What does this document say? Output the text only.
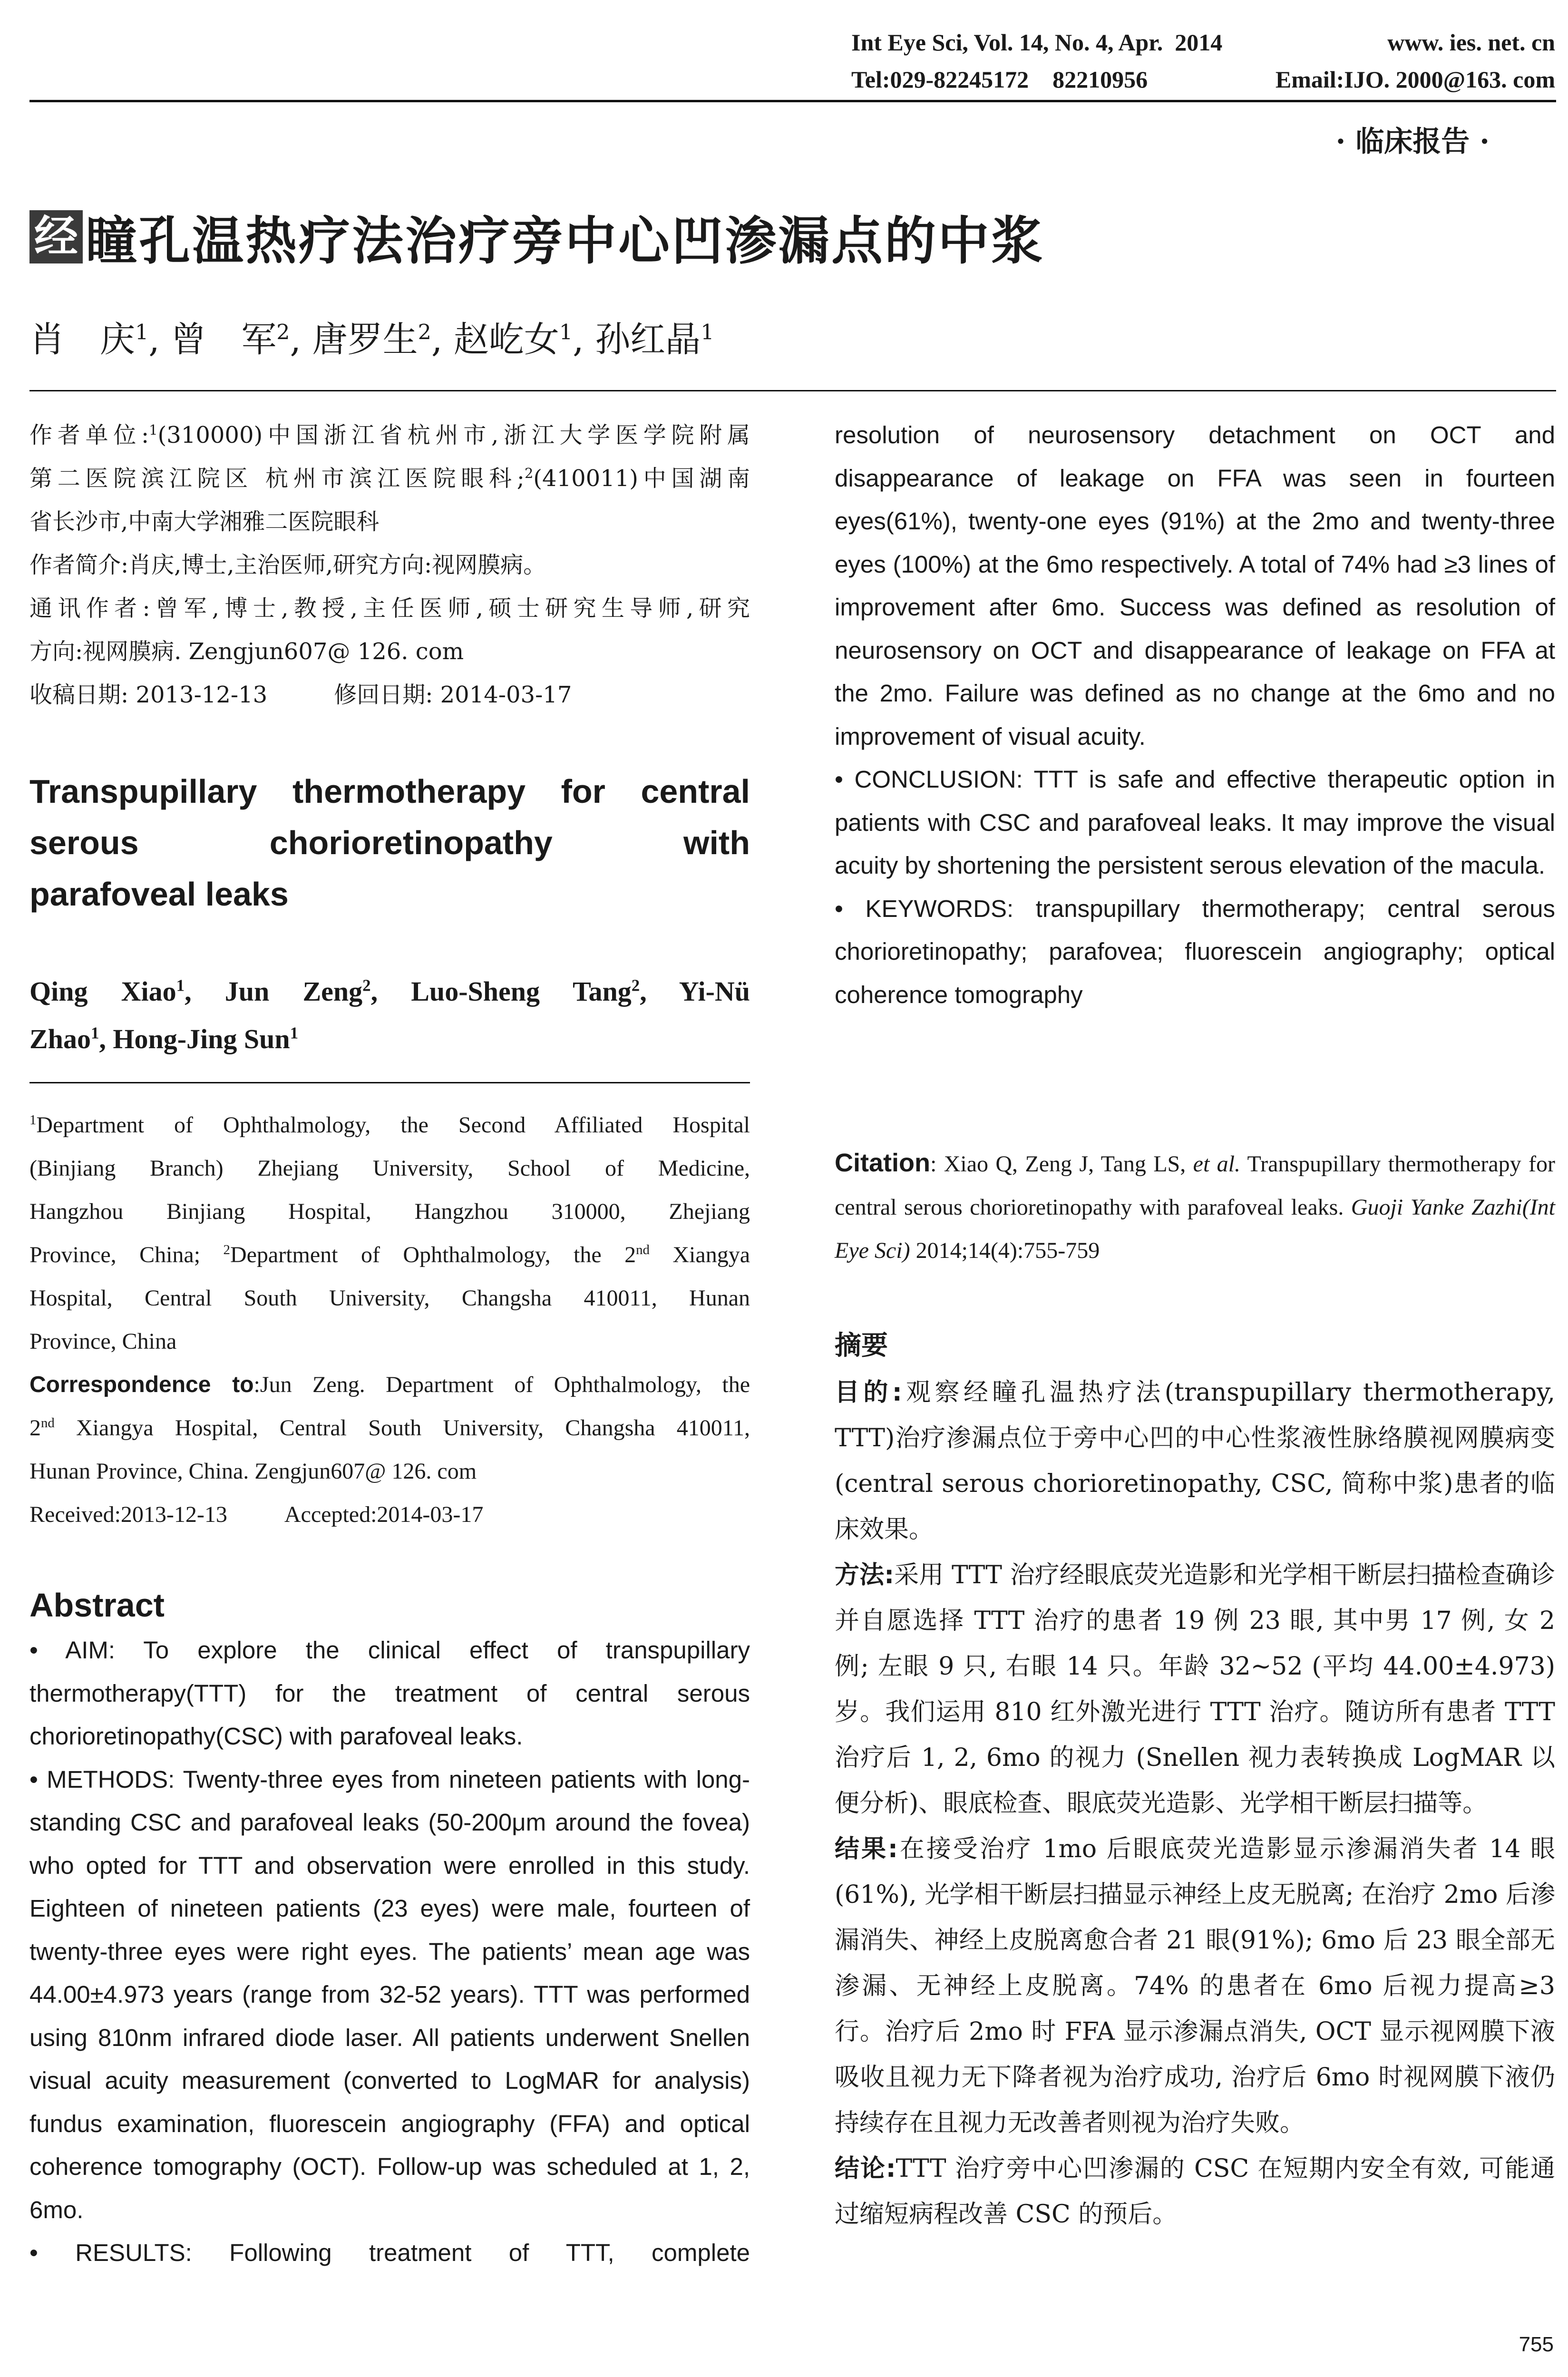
Int Eye Sci, Vol. 14, No. 4, Apr.  2014	www. ies. net. cn
Tel:029-82245172    82210956	Email:IJO. 2000@163. com
· 临床报告 ·
经 瞳孔温热疗法治疗旁中心凹渗漏点的中浆
肖　庆$^1$, 曾　军$^2$, 唐罗生$^2$, 赵屹女$^1$, 孙红晶$^1$
作者单位:$^1$(310000)中国浙江省杭州市,浙江大学医学院附属
第二医院滨江院区 杭州市滨江医院眼科;$^2$(410011)中国湖南
省长沙市,中南大学湘雅二医院眼科
作者简介:肖庆,博士,主治医师,研究方向:视网膜病。
通讯作者:曾军,博士,教授,主任医师,硕士研究生导师,研究
方向:视网膜病. Zengjun607@ 126. com
收稿日期: 2013-12-13	修回日期: 2014-03-17
Transpupillary thermotherapy for central
serous chorioretinopathy with
parafoveal leaks
Qing Xiao$^1$, Jun Zeng$^2$, Luo-Sheng Tang$^2$, Yi-Nü
Zhao$^1$, Hong-Jing Sun$^1$
$^1$Department of Ophthalmology, the Second Affiliated Hospital
(Binjiang Branch) Zhejiang University, School of Medicine,
Hangzhou Binjiang Hospital, Hangzhou 310000, Zhejiang
Province, China; $^2$Department of Ophthalmology, the 2nd Xiangya
Hospital, Central South University, Changsha 410011, Hunan
Province, China
Correspondence to:Jun Zeng. Department of Ophthalmology, the
2nd Xiangya Hospital, Central South University, Changsha 410011,
Hunan Province, China. Zengjun607@ 126. com
Received:2013-12-13	Accepted:2014-03-17
Abstract
• AIM: To explore the clinical effect of transpupillary thermotherapy(TTT) for the treatment of central serous chorioretinopathy(CSC) with parafoveal leaks.
• METHODS: Twenty-three eyes from nineteen patients with long-standing CSC and parafoveal leaks (50-200μm around the fovea) who opted for TTT and observation were enrolled in this study. Eighteen of nineteen patients (23 eyes) were male, fourteen of twenty-three eyes were right eyes. The patients’ mean age was 44.00±4.973 years (range from 32-52 years). TTT was performed using 810nm infrared diode laser. All patients underwent Snellen visual acuity measurement (converted to LogMAR for analysis) fundus examination, fluorescein angiography (FFA) and optical coherence tomography (OCT). Follow-up was scheduled at 1, 2, 6mo.
• RESULTS: Following treatment of TTT, complete
resolution of neurosensory detachment on OCT and disappearance of leakage on FFA was seen in fourteen eyes(61%), twenty-one eyes (91%) at the 2mo and twenty-three eyes (100%) at the 6mo respectively. A total of 74% had ≥3 lines of improvement after 6mo. Success was defined as resolution of neurosensory on OCT and disappearance of leakage on FFA at the 2mo. Failure was defined as no change at the 6mo and no improvement of visual acuity.
• CONCLUSION: TTT is safe and effective therapeutic option in patients with CSC and parafoveal leaks. It may improve the visual acuity by shortening the persistent serous elevation of the macula.
• KEYWORDS: transpupillary thermotherapy; central serous chorioretinopathy; parafovea; fluorescein angiography; optical coherence tomography
Citation: Xiao Q, Zeng J, Tang LS, et al. Transpupillary thermotherapy for central serous chorioretinopathy with parafoveal leaks. Guoji Yanke Zazhi(Int Eye Sci) 2014;14(4):755-759
摘要
目的:观察经瞳孔温热疗法(transpupillary thermotherapy, TTT)治疗渗漏点位于旁中心凹的中心性浆液性脉络膜视网膜病变(central serous chorioretinopathy, CSC, 简称中浆)患者的临床效果。
方法:采用 TTT 治疗经眼底荧光造影和光学相干断层扫描检查确诊并自愿选择 TTT 治疗的患者 19 例 23 眼, 其中男 17 例, 女 2 例; 左眼 9 只, 右眼 14 只。年龄 32~52 (平均 44.00±4.973) 岁。我们运用 810 红外激光进行 TTT 治疗。随访所有患者 TTT 治疗后 1, 2, 6mo 的视力 (Snellen 视力表转换成 LogMAR 以便分析)、眼底检查、眼底荧光造影、光学相干断层扫描等。
结果:在接受治疗 1mo 后眼底荧光造影显示渗漏消失者 14 眼(61%), 光学相干断层扫描显示神经上皮无脱离; 在治疗 2mo 后渗漏消失、神经上皮脱离愈合者 21 眼(91%); 6mo 后 23 眼全部无渗漏、无神经上皮脱离。74% 的患者在 6mo 后视力提高≥3 行。治疗后 2mo 时 FFA 显示渗漏点消失, OCT 显示视网膜下液吸收且视力无下降者视为治疗成功, 治疗后 6mo 时视网膜下液仍持续存在且视力无改善者则视为治疗失败。
结论:TTT 治疗旁中心凹渗漏的 CSC 在短期内安全有效, 可能通过缩短病程改善 CSC 的预后。
755
